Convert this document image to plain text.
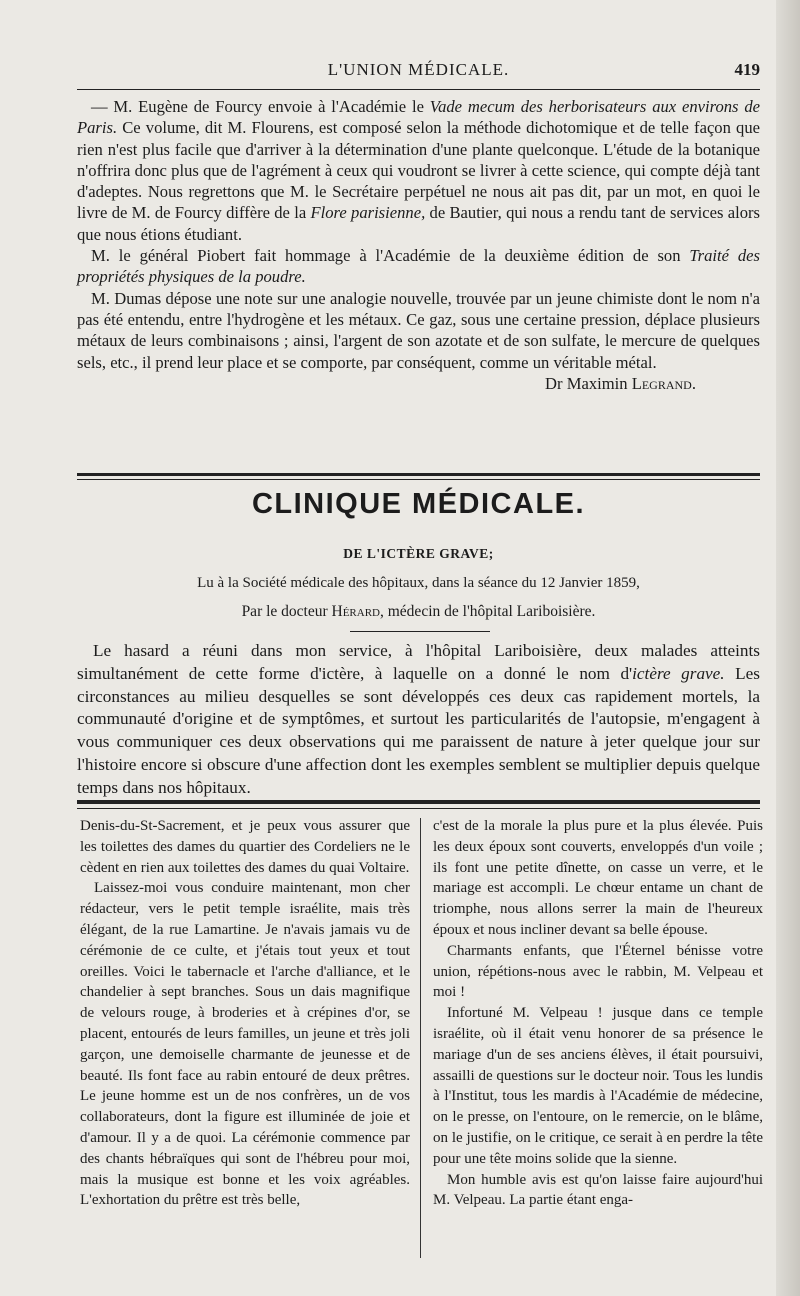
L'UNION MÉDICALE.	419

— M. Eugène de Fourcy envoie à l'Académie le Vade mecum des herborisateurs aux environs de Paris. Ce volume, dit M. Flourens, est composé selon la méthode dichotomique et de telle façon que rien n'est plus facile que d'arriver à la détermination d'une plante quelconque. L'étude de la botanique n'offrira donc plus que de l'agrément à ceux qui voudront se livrer à cette science, qui compte déjà tant d'adeptes. Nous regrettons que M. le Secrétaire perpétuel ne nous ait pas dit, par un mot, en quoi le livre de M. de Fourcy diffère de la Flore parisienne, de Bautier, qui nous a rendu tant de services alors que nous étions étudiant.

M. le général Piobert fait hommage à l'Académie de la deuxième édition de son Traité des propriétés physiques de la poudre.

M. Dumas dépose une note sur une analogie nouvelle, trouvée par un jeune chimiste dont le nom n'a pas été entendu, entre l'hydrogène et les métaux. Ce gaz, sous une certaine pression, déplace plusieurs métaux de leurs combinaisons ; ainsi, l'argent de son azotate et de son sulfate, le mercure de quelques sels, etc., il prend leur place et se comporte, par conséquent, comme un véritable métal.

Dr Maximin Legrand.

CLINIQUE MÉDICALE.
DE L'ICTÈRE GRAVE;
Lu à la Société médicale des hôpitaux, dans la séance du 12 Janvier 1859,
Par le docteur Hérard, médecin de l'hôpital Lariboisière.

Le hasard a réuni dans mon service, à l'hôpital Lariboisière, deux malades atteints simultanément de cette forme d'ictère, à laquelle on a donné le nom d'ictère grave. Les circonstances au milieu desquelles se sont développés ces deux cas rapidement mortels, la communauté d'origine et de symptômes, et surtout les particularités de l'autopsie, m'engagent à vous communiquer ces deux observations qui me paraissent de nature à jeter quelque jour sur l'histoire encore si obscure d'une affection dont les exemples semblent se multiplier depuis quelque temps dans nos hôpitaux.

Denis-du-St-Sacrement, et je peux vous assurer que les toilettes des dames du quartier des Cordeliers ne le cèdent en rien aux toilettes des dames du quai Voltaire.

Laissez-moi vous conduire maintenant, mon cher rédacteur, vers le petit temple israélite, mais très élégant, de la rue Lamartine. Je n'avais jamais vu de cérémonie de ce culte, et j'étais tout yeux et tout oreilles. Voici le tabernacle et l'arche d'alliance, et le chandelier à sept branches. Sous un dais magnifique de velours rouge, à broderies et à crépines d'or, se placent, entourés de leurs familles, un jeune et très joli garçon, une demoiselle charmante de jeunesse et de beauté. Ils font face au rabin entouré de deux prêtres. Le jeune homme est un de nos confrères, un de vos collaborateurs, dont la figure est illuminée de joie et d'amour. Il y a de quoi. La cérémonie commence par des chants hébraïques qui sont de l'hébreu pour moi, mais la musique est bonne et les voix agréables. L'exhortation du prêtre est très belle,

c'est de la morale la plus pure et la plus élevée. Puis les deux époux sont couverts, enveloppés d'un voile ; ils font une petite dînette, on casse un verre, et le mariage est accompli. Le chœur entame un chant de triomphe, nous allons serrer la main de l'heureux époux et nous incliner devant sa belle épouse.

Charmants enfants, que l'Éternel bénisse votre union, répétions-nous avec le rabbin, M. Velpeau et moi !

Infortuné M. Velpeau ! jusque dans ce temple israélite, où il était venu honorer de sa présence le mariage d'un de ses anciens élèves, il était poursuivi, assailli de questions sur le docteur noir. Tous les lundis à l'Institut, tous les mardis à l'Académie de médecine, on le presse, on l'entoure, on le remercie, on le blâme, on le justifie, on le critique, ce serait à en perdre la tête pour une tête moins solide que la sienne.

Mon humble avis est qu'on laisse faire aujourd'hui M. Velpeau. La partie étant enga-
